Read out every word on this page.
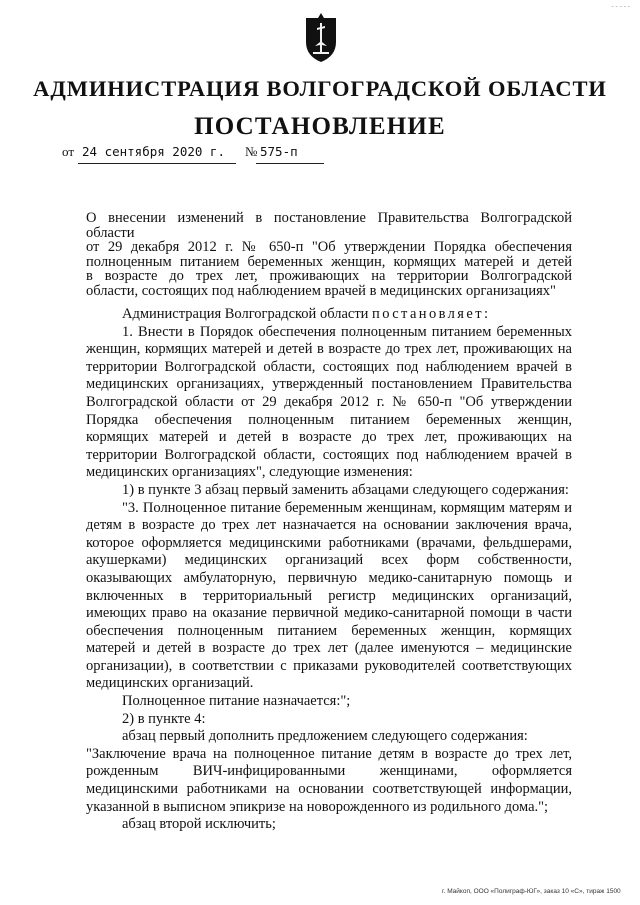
- - - - -
АДМИНИСТРАЦИЯ ВОЛГОГРАДСКОЙ ОБЛАСТИ
ПОСТАНОВЛЕНИЕ
от 24 сентября 2020 г. № 575-п
О внесении изменений в постановление Правительства Волгоградской области
от 29 декабря 2012 г. № 650-п "Об утверждении Порядка обеспечения
полноценным питанием беременных женщин, кормящих матерей и детей
в возрасте до трех лет, проживающих на территории Волгоградской
области, состоящих под наблюдением врачей в медицинских организациях"

Администрация Волгоградской области постановляет:

1. Внести в Порядок обеспечения полноценным питанием беременных женщин, кормящих матерей и детей в возрасте до трех лет, проживающих на территории Волгоградской области, состоящих под наблюдением врачей в медицинских организациях, утвержденный постановлением Правительства Волгоградской области от 29 декабря 2012 г. № 650-п "Об утверждении Порядка обеспечения полноценным питанием беременных женщин, кормящих матерей и детей в возрасте до трех лет, проживающих на территории Волгоградской области, состоящих под наблюдением врачей в медицинских организациях", следующие изменения:

1) в пункте 3 абзац первый заменить абзацами следующего содержания:

"3. Полноценное питание беременным женщинам, кормящим матерям и детям в возрасте до трех лет назначается на основании заключения врача, которое оформляется медицинскими работниками (врачами, фельдшерами, акушерками) медицинских организаций всех форм собственности, оказывающих амбулаторную, первичную медико-санитарную помощь и включенных в территориальный регистр медицинских организаций, имеющих право на оказание первичной медико-санитарной помощи в части обеспечения полноценным питанием беременных женщин, кормящих матерей и детей в возрасте до трех лет (далее именуются – медицинские организации), в соответствии с приказами руководителей соответствующих медицинских организаций.

Полноценное питание назначается:";

2) в пункте 4:

абзац первый дополнить предложением следующего содержания:

"Заключение врача на полноценное питание детям в возрасте до трех лет, рожденным ВИЧ-инфицированными женщинами, оформляется медицинскими работниками на основании соответствующей информации, указанной в выписном эпикризе на новорожденного из родильного дома.";

абзац второй исключить;

г. Майкоп, ООО «Полиграф-ЮГ», заказ 10 «С», тираж 1500
